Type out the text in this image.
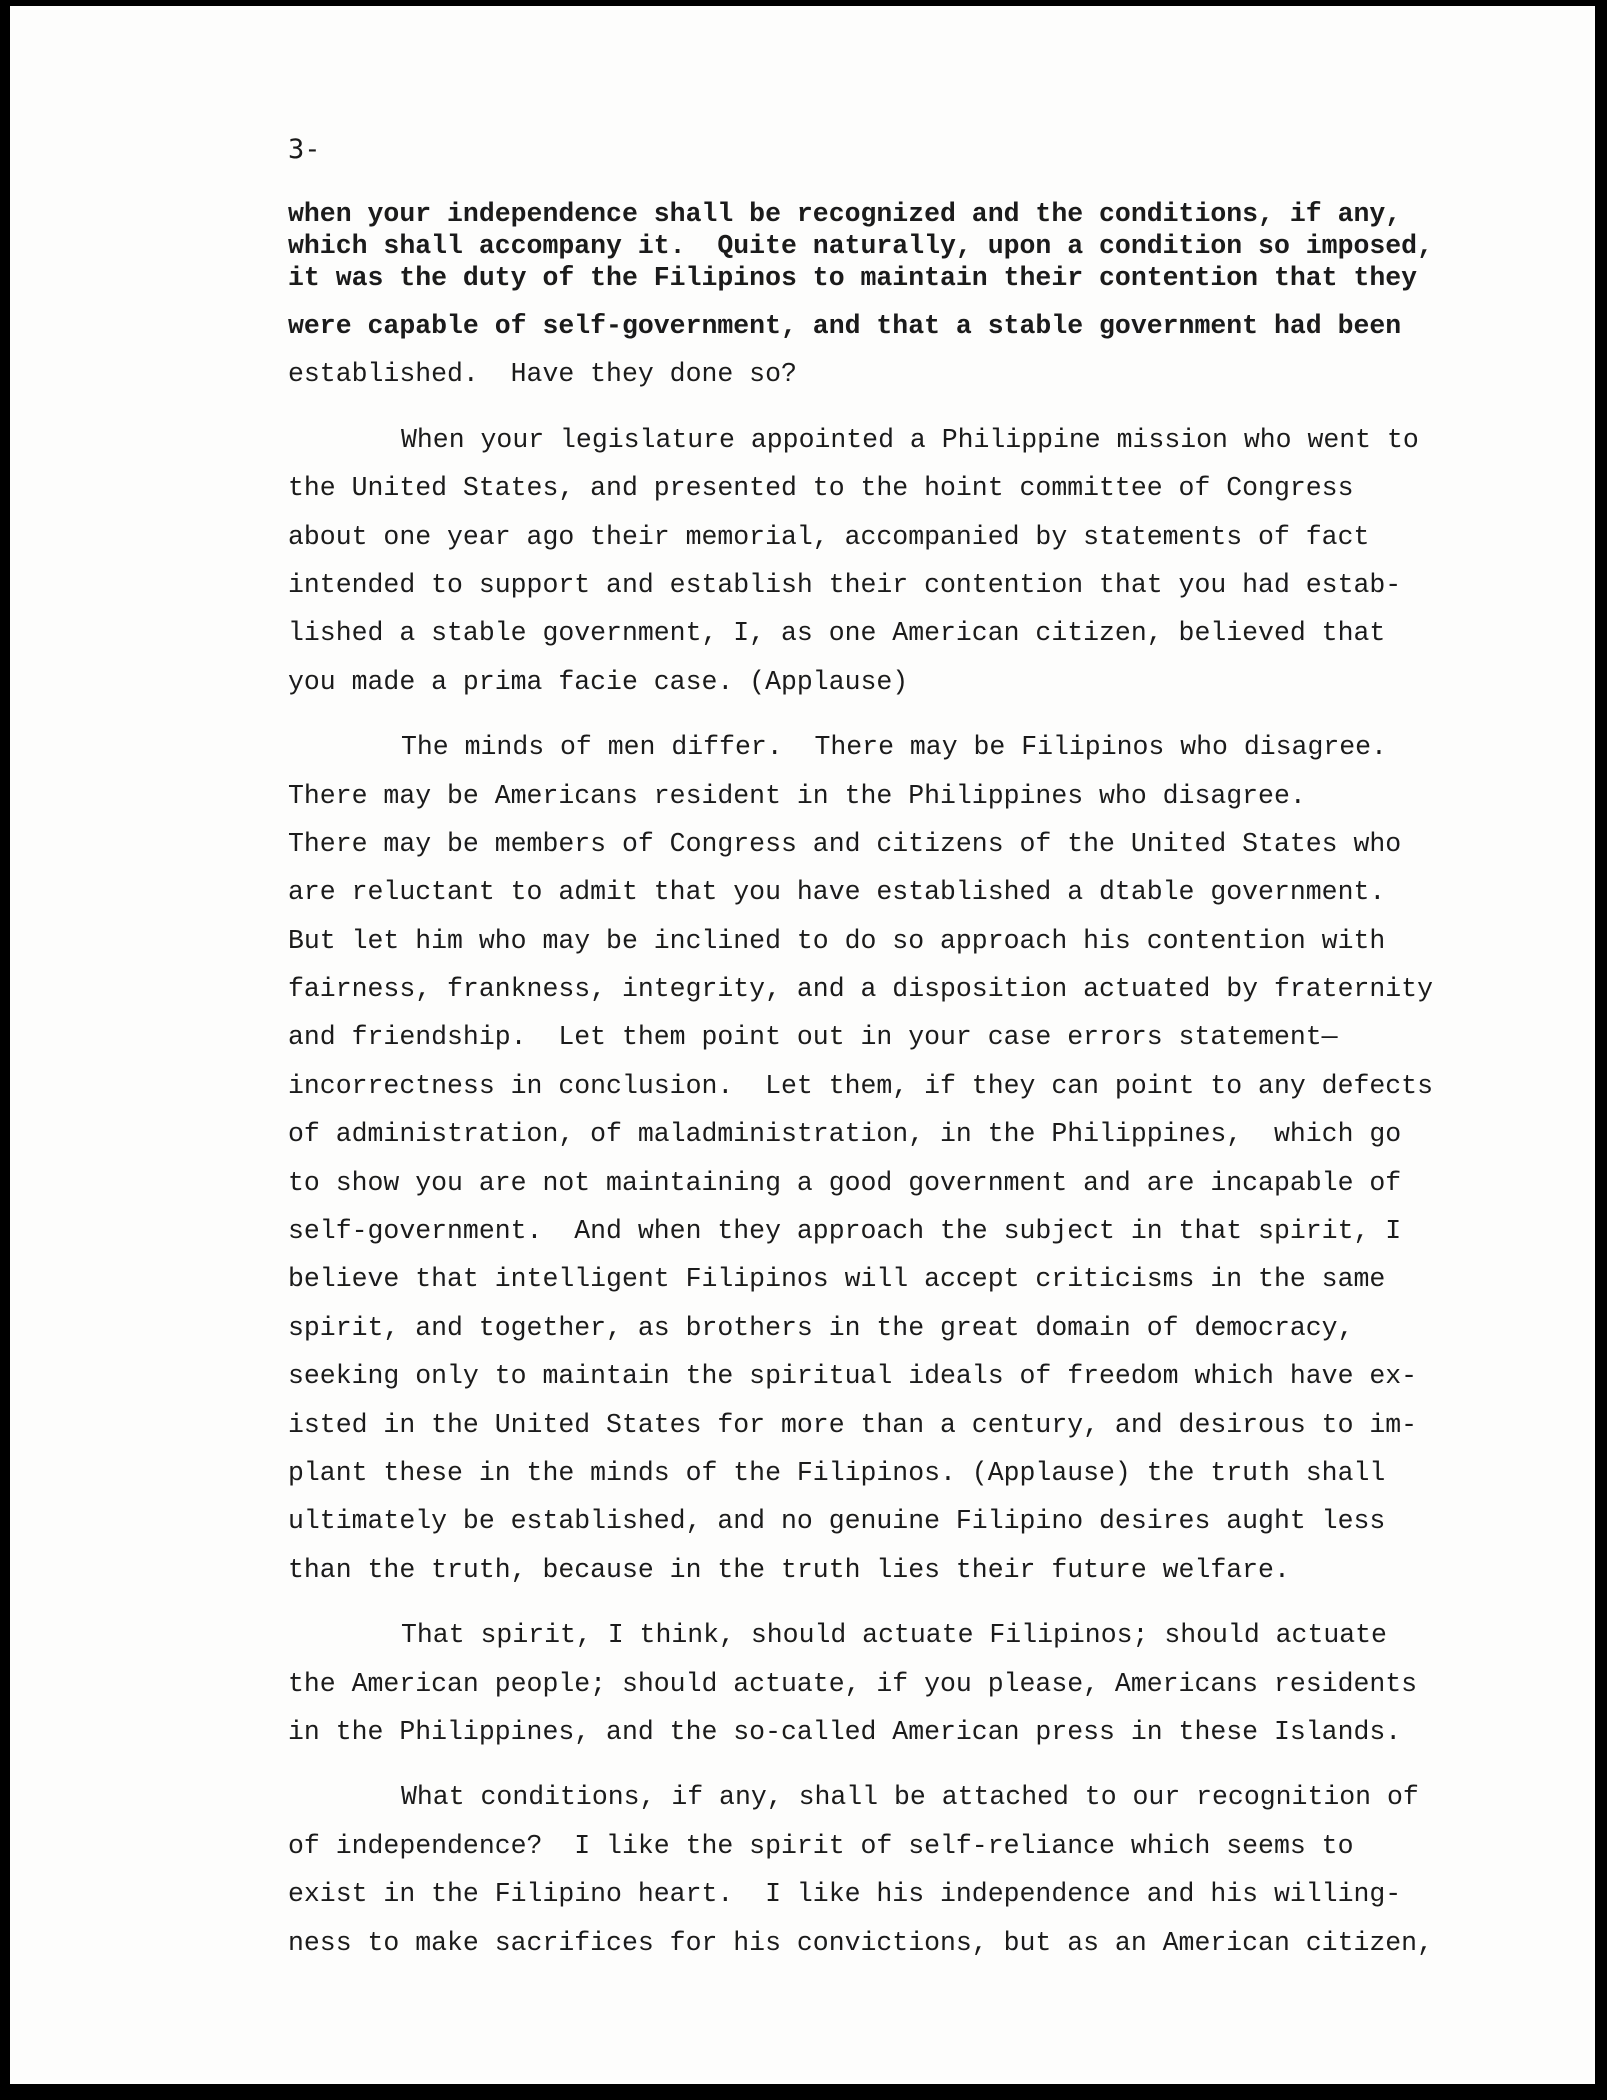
3-

when your independence shall be recognized and the conditions, if any,
which shall accompany it.  Quite naturally, upon a condition so imposed,
it was the duty of the Filipinos to maintain their contention that they
were capable of self-government, and that a stable government had been
established.  Have they done so?
When your legislature appointed a Philippine mission who went to
the United States, and presented to the hoint committee of Congress
about one year ago their memorial, accompanied by statements of fact
intended to support and establish their contention that you had estab-
lished a stable government, I, as one American citizen, believed that
you made a prima facie case. (Applause)
The minds of men differ.  There may be Filipinos who disagree.
There may be Americans resident in the Philippines who disagree.
There may be members of Congress and citizens of the United States who
are reluctant to admit that you have established a dtable government.
But let him who may be inclined to do so approach his contention with
fairness, frankness, integrity, and a disposition actuated by fraternity
and friendship.  Let them point out in your case errors statement—
incorrectness in conclusion.  Let them, if they can point to any defects
of administration, of maladministration, in the Philippines,  which go
to show you are not maintaining a good government and are incapable of
self-government.  And when they approach the subject in that spirit, I
believe that intelligent Filipinos will accept criticisms in the same
spirit, and together, as brothers in the great domain of democracy,
seeking only to maintain the spiritual ideals of freedom which have ex-
isted in the United States for more than a century, and desirous to im-
plant these in the minds of the Filipinos. (Applause) the truth shall
ultimately be established, and no genuine Filipino desires aught less
than the truth, because in the truth lies their future welfare.
That spirit, I think, should actuate Filipinos; should actuate
the American people; should actuate, if you please, Americans residents
in the Philippines, and the so-called American press in these Islands.
What conditions, if any, shall be attached to our recognition of
of independence?  I like the spirit of self-reliance which seems to
exist in the Filipino heart.  I like his independence and his willing-
ness to make sacrifices for his convictions, but as an American citizen,
